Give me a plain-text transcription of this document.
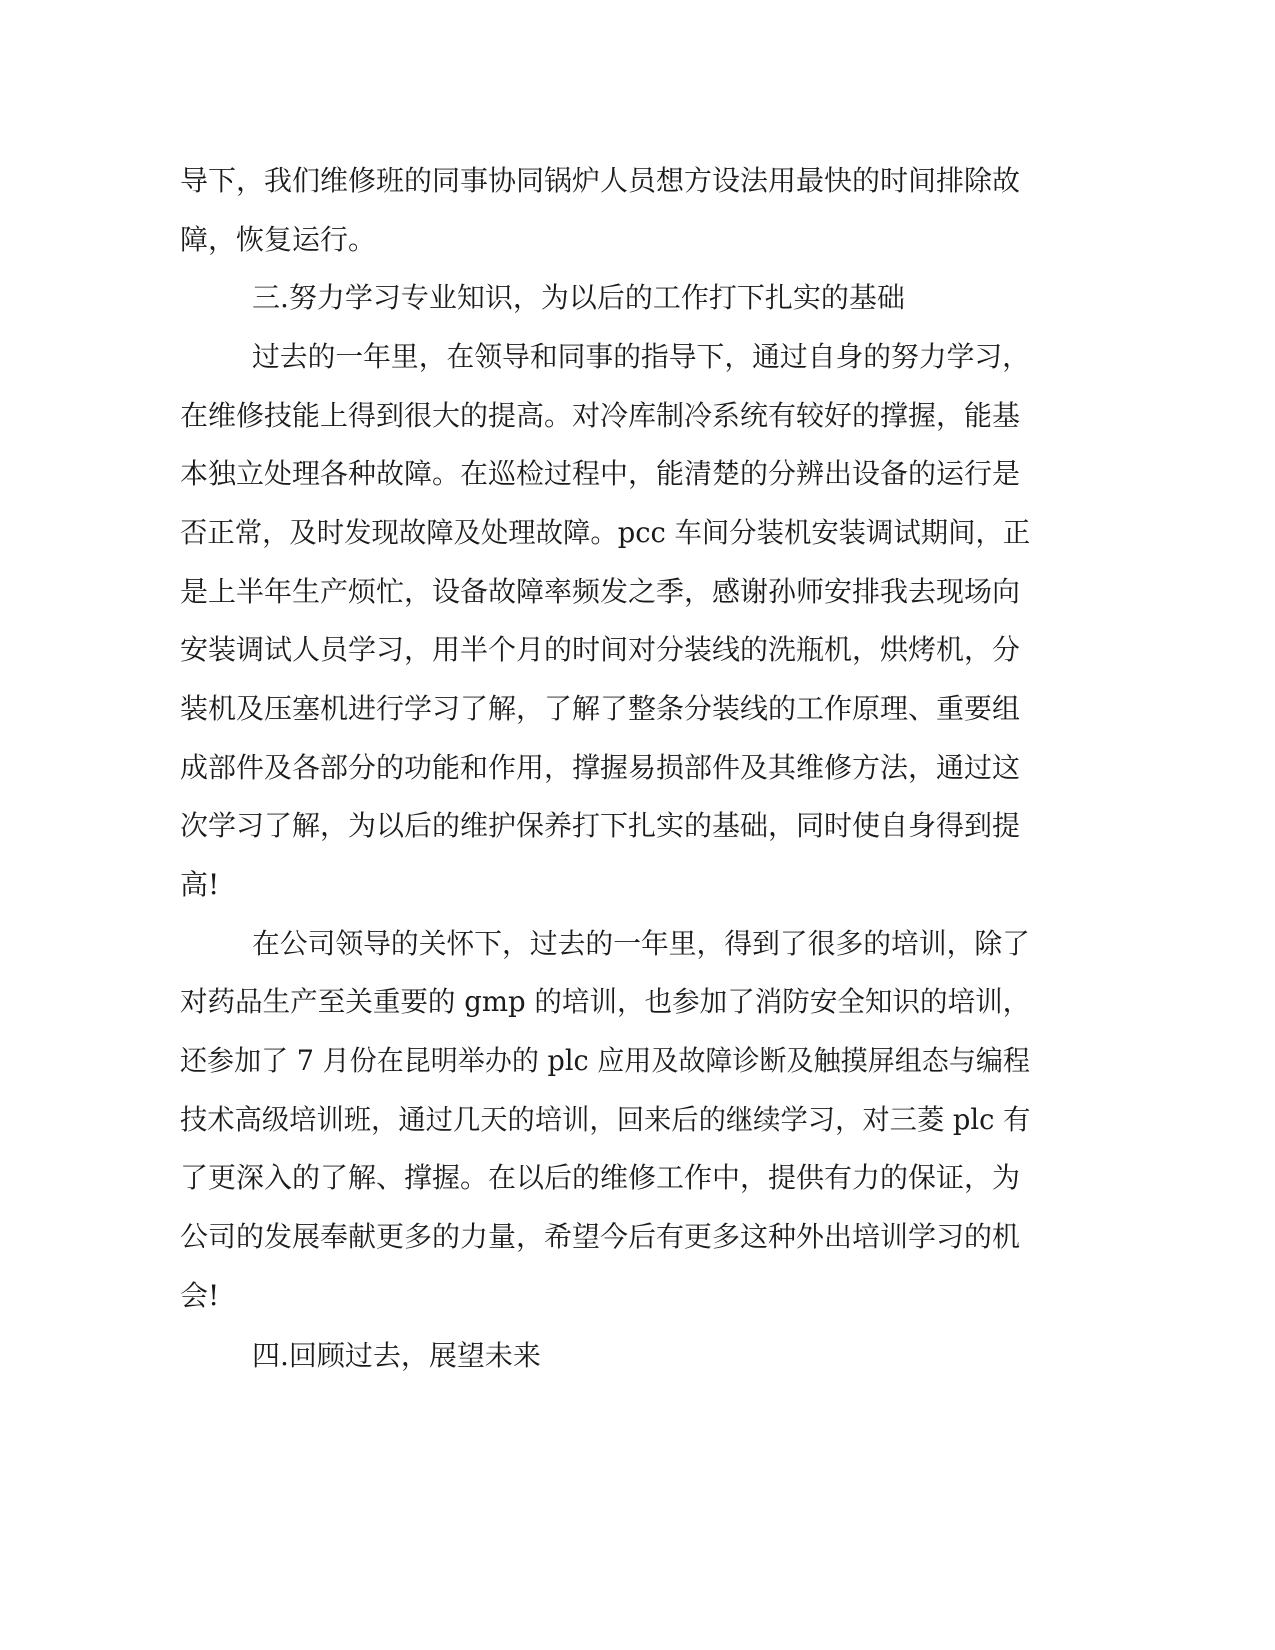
导下，我们维修班的同事协同锅炉人员想方设法用最快的时间排除故
障，恢复运行。
三.努力学习专业知识，为以后的工作打下扎实的基础
过去的一年里，在领导和同事的指导下，通过自身的努力学习，
在维修技能上得到很大的提高。对冷库制冷系统有较好的撑握，能基
本独立处理各种故障。在巡检过程中，能清楚的分辨出设备的运行是
否正常，及时发现故障及处理故障。pcc 车间分装机安装调试期间，正
是上半年生产烦忙，设备故障率频发之季，感谢孙师安排我去现场向
安装调试人员学习，用半个月的时间对分装线的洗瓶机，烘烤机，分
装机及压塞机进行学习了解，了解了整条分装线的工作原理、重要组
成部件及各部分的功能和作用，撑握易损部件及其维修方法，通过这
次学习了解，为以后的维护保养打下扎实的基础，同时使自身得到提
高!
在公司领导的关怀下，过去的一年里，得到了很多的培训，除了
对药品生产至关重要的 gmp 的培训，也参加了消防安全知识的培训，
还参加了 7 月份在昆明举办的 plc 应用及故障诊断及触摸屏组态与编程
技术高级培训班，通过几天的培训，回来后的继续学习，对三菱 plc 有
了更深入的了解、撑握。在以后的维修工作中，提供有力的保证，为
公司的发展奉献更多的力量，希望今后有更多这种外出培训学习的机
会!
四.回顾过去，展望未来
